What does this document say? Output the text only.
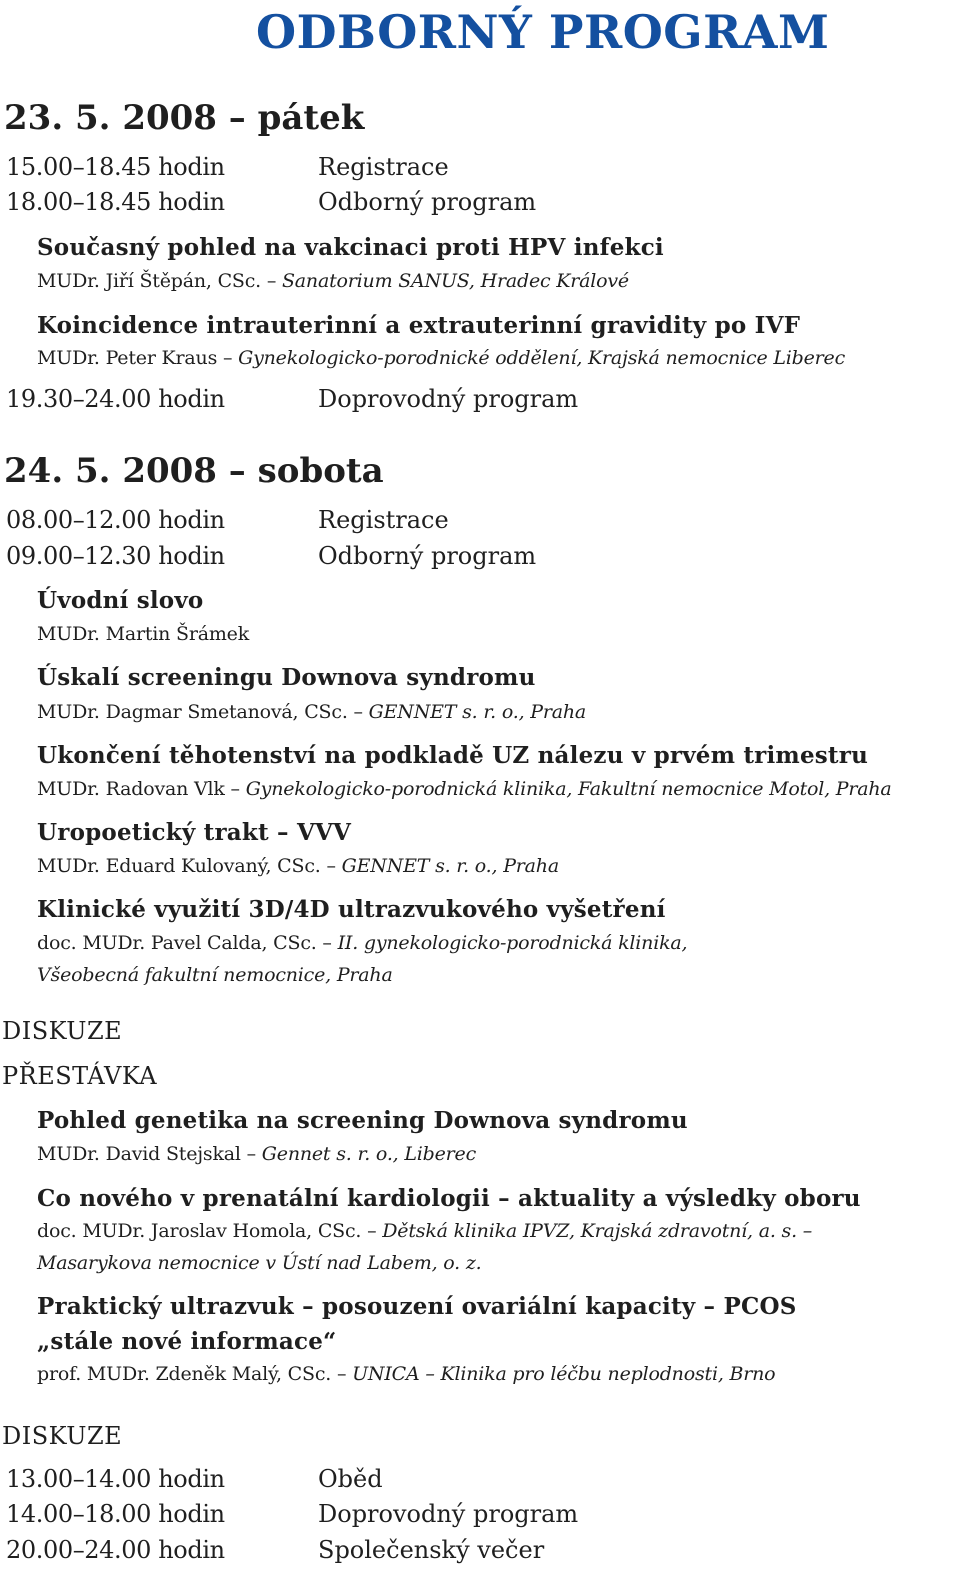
ODBORNÝ PROGRAM
23. 5. 2008 – pátek
15.00–18.45 hodin	Registrace
18.00–18.45 hodin	Odborný program
Současný pohled na vakcinaci proti HPV infekci
MUDr. Jiří Štěpán, CSc. – Sanatorium SANUS, Hradec Králové
Koincidence intrauterinní a extrauterinní gravidity po IVF
MUDr. Peter Kraus – Gynekologicko-porodnické oddělení, Krajská nemocnice Liberec
19.30–24.00 hodin	Doprovodný program
24. 5. 2008 – sobota
08.00–12.00 hodin	Registrace
09.00–12.30 hodin	Odborný program
Úvodní slovo
MUDr. Martin Šrámek
Úskalí screeningu Downova syndromu
MUDr. Dagmar Smetanová, CSc. – GENNET s. r. o., Praha
Ukončení těhotenství na podkladě UZ nálezu v prvém trimestru
MUDr. Radovan Vlk – Gynekologicko-porodnická klinika, Fakultní nemocnice Motol, Praha
Uropoetický trakt – VVV
MUDr. Eduard Kulovaný, CSc. – GENNET s. r. o., Praha
Klinické využití 3D/4D ultrazvukového vyšetření
doc. MUDr. Pavel Calda, CSc. – II. gynekologicko-porodnická klinika,
Všeobecná fakultní nemocnice, Praha
DISKUZE
PŘESTÁVKA
Pohled genetika na screening Downova syndromu
MUDr. David Stejskal – Gennet s. r. o., Liberec
Co nového v prenatální kardiologii – aktuality a výsledky oboru
doc. MUDr. Jaroslav Homola, CSc. – Dětská klinika IPVZ, Krajská zdravotní, a. s. –
Masarykova nemocnice v Ústí nad Labem, o. z.
Praktický ultrazvuk – posouzení ovariální kapacity – PCOS
„stále nové informace“
prof. MUDr. Zdeněk Malý, CSc. – UNICA – Klinika pro léčbu neplodnosti, Brno
DISKUZE
13.00–14.00 hodin	Oběd
14.00–18.00 hodin	Doprovodný program
20.00–24.00 hodin	Společenský večer
